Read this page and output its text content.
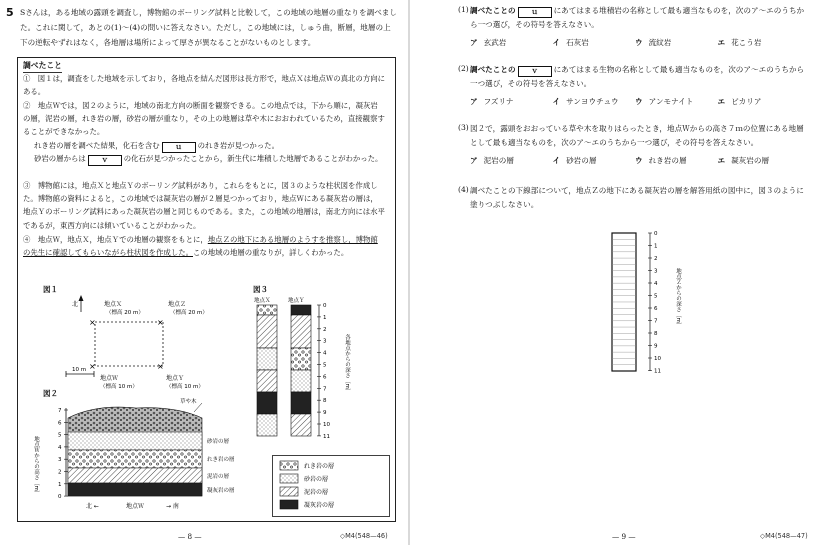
5 Sさんは，ある地域の露頭を調査し，博物館のボーリング試料と比較して，この地域の地層の重なりを調べました。これに関して，あとの(1)～(4)の問いに答えなさい。ただし，この地域には，しゅう曲，断層，地層の上下の逆転やずれはなく，各地層は場所によって厚さが異なることがないものとします。
調べたこと
①　図１は，調査をした地域を示しており，各地点を結んだ図形は長方形で，地点Ｘは地点Ｗの真北の方向にある。
②　地点Ｗでは，図２のように，地域の南北方向の断面を観察できる。この地点では，下から順に，凝灰岩の層，泥岩の層，れき岩の層，砂岩の層が重なり，その上の地層は草や木におおわれているため，直接観察することができなかった。
れき岩の層を調べた結果，化石を含む ｕ のれき岩が見つかった。
砂岩の層からは ｖ の化石が見つかったことから，新生代に堆積した地層であることがわかった。
③　博物館には，地点Ｘと地点Ｙのボーリング試料があり，これらをもとに，図３のような柱状図を作成した。博物館の資料によると，この地域では凝灰岩の層が２層見つかっており，地点Ｗにある凝灰岩の層は，地点Ｙのボーリング試料にあった凝灰岩の層と同じものである。また，この地域の地層は，南北方向には水平であるが，東西方向には傾いていることがわかった。
④　地点Ｗ，地点Ｘ，地点Ｙでの地層の観察をもとに，地点Ｚの地下にある地層のようすを推察し，博物館の先生に確認してもらいながら柱状図を作成した。この地域の地層の重なりが，詳しくわかった。
図１
北
×	×
×	×
地点Ｘ
（標高 20 m）
地点Ｚ
（標高 20 m）
地点Ｗ
（標高 10 m）
地点Ｙ
（標高 10 m）
10 m
図２
地点Ｗからの高さ〔m〕
7
6
5
4
3
2
1
0
草や木
砂岩の層
れき岩の層
泥岩の層
凝灰岩の層
北 ←	→ 南
地点Ｗ
図３
地点Ｘ	地点Ｙ
0
1
2
3
4
5
6
7
8
9
10
11
各地点からの深さ〔m〕
れき岩の層
砂岩の層
泥岩の層
凝灰岩の層
— 8 —	◇M4(548—46)
(1) 調べたことの ｕ にあてはまる堆積岩の名称として最も適当なものを，次のア～エのうちから一つ選び，その符号を答えなさい。
ア 玄武岩	イ 石灰岩	ウ 流紋岩	エ 花こう岩
(2) 調べたことの ｖ にあてはまる生物の名称として最も適当なものを，次のア～エのうちから一つ選び，その符号を答えなさい。
ア フズリナ	イ サンヨウチュウ	ウ アンモナイト	エ ビカリア
(3) 図２で，露頭をおおっている草や木を取りはらったとき，地点Ｗからの高さ７ｍの位置にある地層として最も適当なものを，次のア～エのうちから一つ選び，その符号を答えなさい。
ア 泥岩の層	イ 砂岩の層	ウ れき岩の層	エ 凝灰岩の層
(4) 調べたことの下線部について，地点Ｚの地下にある凝灰岩の層を解答用紙の図中に，図３のように塗りつぶしなさい。
0
1
2
3
4
5
6
7
8
9
10
11
地点Ｚからの深さ〔m〕
— 9 —	◇M4(548—47)
